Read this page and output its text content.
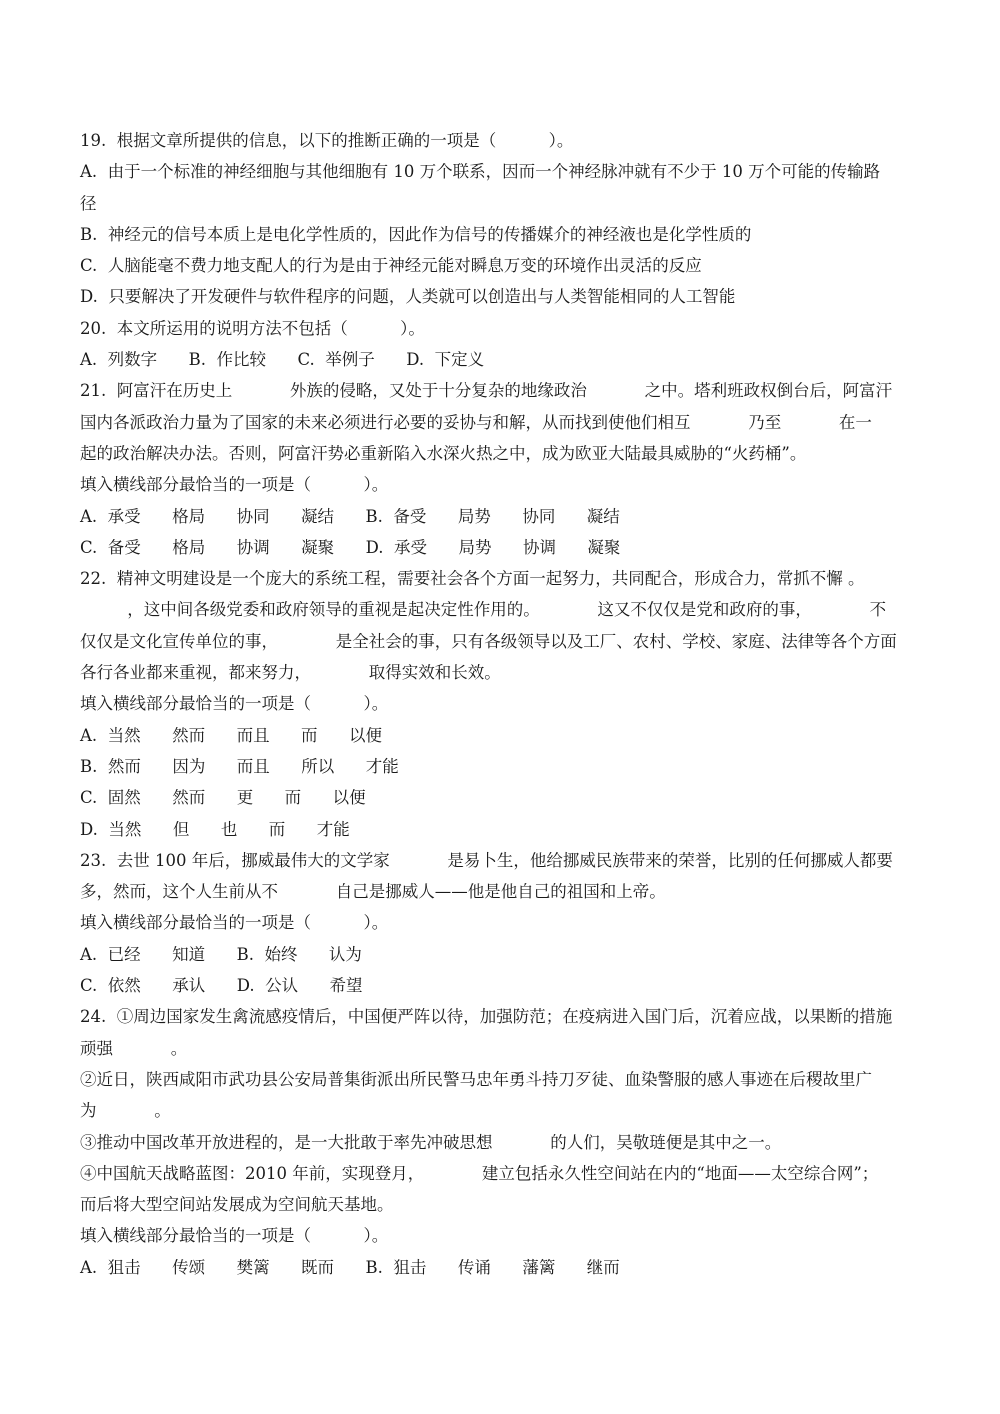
19.  根据文章所提供的信息，以下的推断正确的一项是（          ）。
A.  由于一个标准的神经细胞与其他细胞有 10 万个联系，因而一个神经脉冲就有不少于 10 万个可能的传输路
径
B.  神经元的信号本质上是电化学性质的，因此作为信号的传播媒介的神经液也是化学性质的
C.  人脑能毫不费力地支配人的行为是由于神经元能对瞬息万变的环境作出灵活的反应
D.  只要解决了开发硬件与软件程序的问题，人类就可以创造出与人类智能相同的人工智能
20.  本文所运用的说明方法不包括（          ）。
A.  列数字      B.  作比较      C.  举例子      D.  下定义
21.  阿富汗在历史上           外族的侵略，又处于十分复杂的地缘政治           之中。塔利班政权倒台后，阿富汗
国内各派政治力量为了国家的未来必须进行必要的妥协与和解，从而找到使他们相互           乃至           在一
起的政治解决办法。否则，阿富汗势必重新陷入水深火热之中，成为欧亚大陆最具威胁的“火药桶”。
填入横线部分最恰当的一项是（          ）。
A.  承受      格局      协同      凝结      B.  备受      局势      协同      凝结
C.  备受      格局      协调      凝聚      D.  承受      局势      协调      凝聚
22.  精神文明建设是一个庞大的系统工程，需要社会各个方面一起努力，共同配合，形成合力，常抓不懈 。
，这中间各级党委和政府领导的重视是起决定性作用的。           这又不仅仅是党和政府的事，           不
仅仅是文化宣传单位的事，           是全社会的事，只有各级领导以及工厂、农村、学校、家庭、法律等各个方面
各行各业都来重视，都来努力，           取得实效和长效。
填入横线部分最恰当的一项是（          ）。
A.  当然      然而      而且      而      以便
B.  然而      因为      而且      所以      才能
C.  固然      然而      更      而      以便
D.  当然      但      也      而      才能
23.  去世 100 年后，挪威最伟大的文学家           是易卜生，他给挪威民族带来的荣誉，比别的任何挪威人都要
多，然而，这个人生前从不           自己是挪威人——他是他自己的祖国和上帝。
填入横线部分最恰当的一项是（          ）。
A.  已经      知道      B.  始终      认为
C.  依然      承认      D.  公认      希望
24.  ①周边国家发生禽流感疫情后，中国便严阵以待，加强防范；在疫病进入国门后，沉着应战，以果断的措施
顽强           。
②近日，陕西咸阳市武功县公安局普集街派出所民警马忠年勇斗持刀歹徒、血染警服的感人事迹在后稷故里广
为           。
③推动中国改革开放进程的，是一大批敢于率先冲破思想           的人们，吴敬琏便是其中之一。
④中国航天战略蓝图：2010 年前，实现登月，           建立包括永久性空间站在内的“地面——太空综合网”；
而后将大型空间站发展成为空间航天基地。
填入横线部分最恰当的一项是（          ）。
A.  狙击      传颂      樊篱      既而      B.  狙击      传诵      藩篱      继而
